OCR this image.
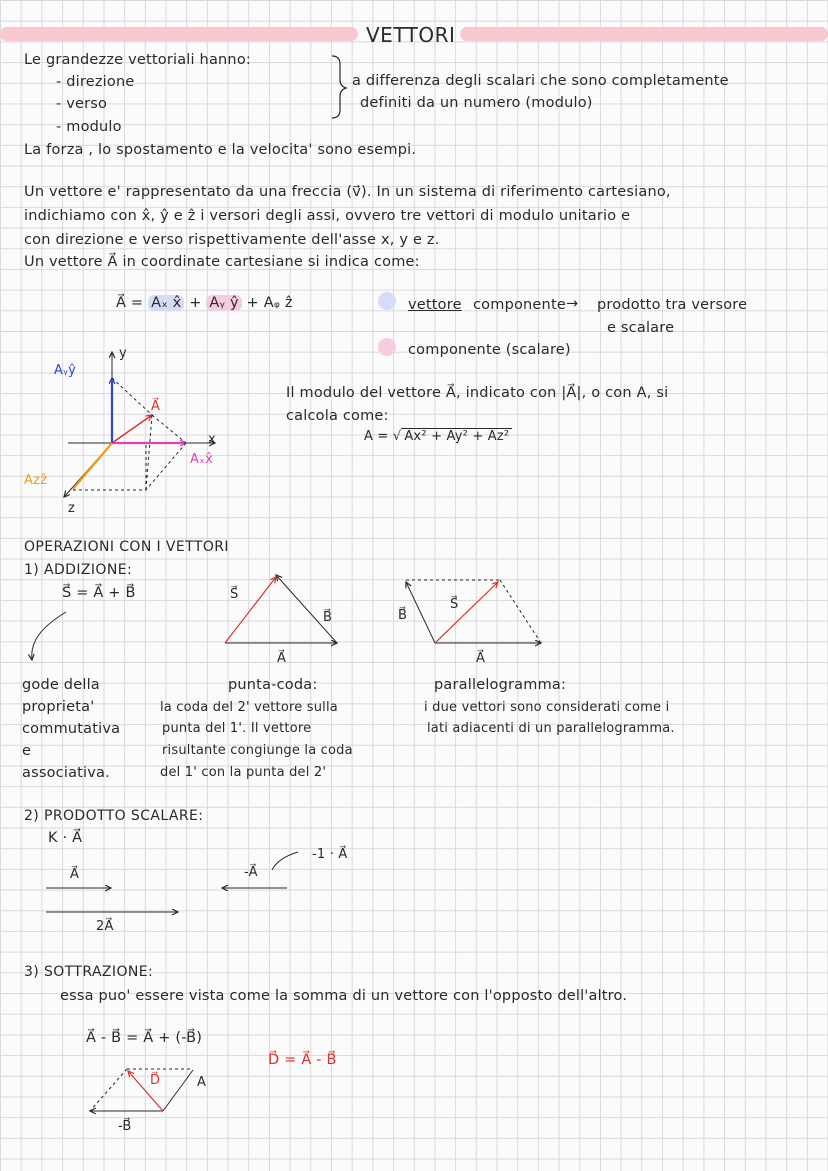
VETTORI
Le grandezze vettoriali hanno:
- direzione
- verso
- modulo
a differenza degli scalari che sono completamente
definiti da un numero (modulo)
La forza , lo spostamento e la velocita' sono esempi.
Un vettore e' rappresentato da una freccia (v⃗). In un sistema di riferimento cartesiano,
indichiamo con x̂, ŷ e ẑ i versori degli assi, ovvero tre vettori di modulo unitario e
con direzione e verso rispettivamente dell'asse x, y e z.
Un vettore A⃗ in coordinate cartesiane si indica come:
A⃗ = Aₓ x̂ + Aᵧ ŷ + Aᵩ ẑ	vettore componente → prodotto tra versore
e scalare
componente (scalare)
Il modulo del vettore A⃗, indicato con |A⃗|, o con A, si
calcola come:
A = √ Ax² + Ay² + Az²
y
x
z
Aᵧŷ
A⃗
Aₓx̂
Azẑ
OPERAZIONI CON I VETTORI
1) ADDIZIONE:
S⃗ = A⃗ + B⃗	S⃗
B⃗
A⃗
S⃗
B⃗
A⃗
gode della
proprieta'
commutativa
e
associativa.
punta-coda:
la coda del 2' vettore sulla
punta del 1'. Il vettore
risultante congiunge la coda
del 1' con la punta del 2'
parallelogramma:
i due vettori sono considerati come i
lati adiacenti di un parallelogramma.
2) PRODOTTO SCALARE:
K · A⃗
A⃗
2A⃗
-A⃗
-1 · A⃗
3) SOTTRAZIONE:
essa puo' essere vista come la somma di un vettore con l'opposto dell'altro.
A⃗ - B⃗ = A⃗ + (-B⃗)
D⃗ = A⃗ - B⃗
D⃗	A
-B⃗
